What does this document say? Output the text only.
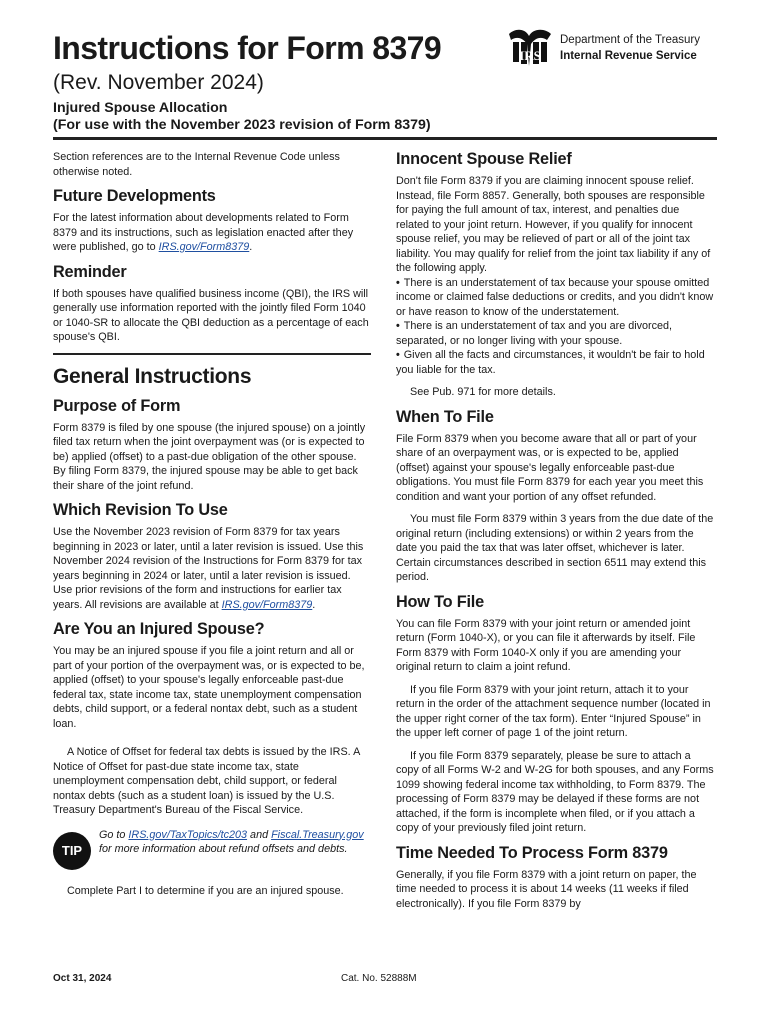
Instructions for Form 8379
(Rev. November 2024)
Injured Spouse Allocation
(For use with the November 2023 revision of Form 8379)
IRS
Department of the Treasury
Internal Revenue Service

Section references are to the Internal Revenue Code unless otherwise noted.

Future Developments

For the latest information about developments related to Form 8379 and its instructions, such as legislation enacted after they were published, go to IRS.gov/Form8379.

Reminder

If both spouses have qualified business income (QBI), the IRS will generally use information reported with the jointly filed Form 1040 or 1040-SR to allocate the QBI deduction as a percentage of each spouse's QBI.

General Instructions
Purpose of Form

Form 8379 is filed by one spouse (the injured spouse) on a jointly filed tax return when the joint overpayment was (or is expected to be) applied (offset) to a past-due obligation of the other spouse. By filing Form 8379, the injured spouse may be able to get back their share of the joint refund.

Which Revision To Use

Use the November 2023 revision of Form 8379 for tax years beginning in 2023 or later, until a later revision is issued. Use this November 2024 revision of the Instructions for Form 8379 for tax years beginning in 2024 or later, until a later revision is issued. Use prior revisions of the form and instructions for earlier tax years. All revisions are available at IRS.gov/Form8379.

Are You an Injured Spouse?

You may be an injured spouse if you file a joint return and all or part of your portion of the overpayment was, or is expected to be, applied (offset) to your spouse's legally enforceable past-due federal tax, state income tax, state unemployment compensation debts, child support, or a federal nontax debt, such as a student loan.

A Notice of Offset for federal tax debts is issued by the IRS. A Notice of Offset for past-due state income tax, state unemployment compensation debt, child support, or federal nontax debts (such as a student loan) is issued by the U.S. Treasury Department's Bureau of the Fiscal Service.

TIP
Go to IRS.gov/TaxTopics/tc203 and Fiscal.Treasury.gov for more information about refund offsets and debts.

Complete Part I to determine if you are an injured spouse.

Innocent Spouse Relief

Don't file Form 8379 if you are claiming innocent spouse relief. Instead, file Form 8857. Generally, both spouses are responsible for paying the full amount of tax, interest, and penalties due related to your joint return. However, if you qualify for innocent spouse relief, you may be relieved of part or all of the joint tax liability. You may qualify for relief from the joint tax liability if any of the following apply.

• There is an understatement of tax because your spouse omitted income or claimed false deductions or credits, and you didn't know or have reason to know of the understatement.
• There is an understatement of tax and you are divorced, separated, or no longer living with your spouse.
• Given all the facts and circumstances, it wouldn't be fair to hold you liable for the tax.

See Pub. 971 for more details.

When To File

File Form 8379 when you become aware that all or part of your share of an overpayment was, or is expected to be, applied (offset) against your spouse's legally enforceable past-due obligations. You must file Form 8379 for each year you meet this condition and want your portion of any offset refunded.

You must file Form 8379 within 3 years from the due date of the original return (including extensions) or within 2 years from the date you paid the tax that was later offset, whichever is later. Certain circumstances described in section 6511 may extend this period.

How To File

You can file Form 8379 with your joint return or amended joint return (Form 1040-X), or you can file it afterwards by itself. File Form 8379 with Form 1040-X only if you are amending your original return to claim a joint refund.

If you file Form 8379 with your joint return, attach it to your return in the order of the attachment sequence number (located in the upper right corner of the tax form). Enter “Injured Spouse” in the upper left corner of page 1 of the joint return.

If you file Form 8379 separately, please be sure to attach a copy of all Forms W-2 and W-2G for both spouses, and any Forms 1099 showing federal income tax withholding, to Form 8379. The processing of Form 8379 may be delayed if these forms are not attached, if the form is incomplete when filed, or if you attach a copy of your previously filed joint return.

Time Needed To Process Form 8379

Generally, if you file Form 8379 with a joint return on paper, the time needed to process it is about 14 weeks (11 weeks if filed electronically). If you file Form 8379 by

Oct 31, 2024	Cat. No. 52888M
